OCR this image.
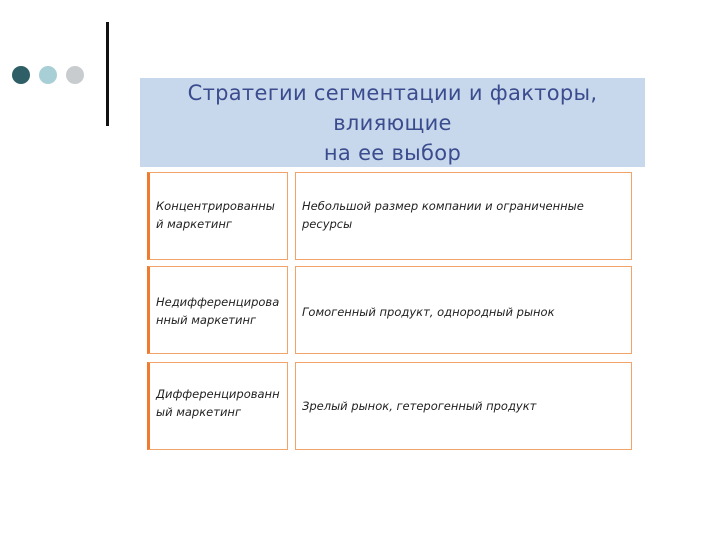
Стратегии сегментации и факторы, влияющие
на ее выбор
Концентрированны
й маркетинг
Небольшой размер компании и ограниченные
ресурсы
Недифференцирова
нный маркетинг
Гомогенный продукт, однородный рынок
Дифференцированн
ый маркетинг	Зрелый рынок, гетерогенный продукт
